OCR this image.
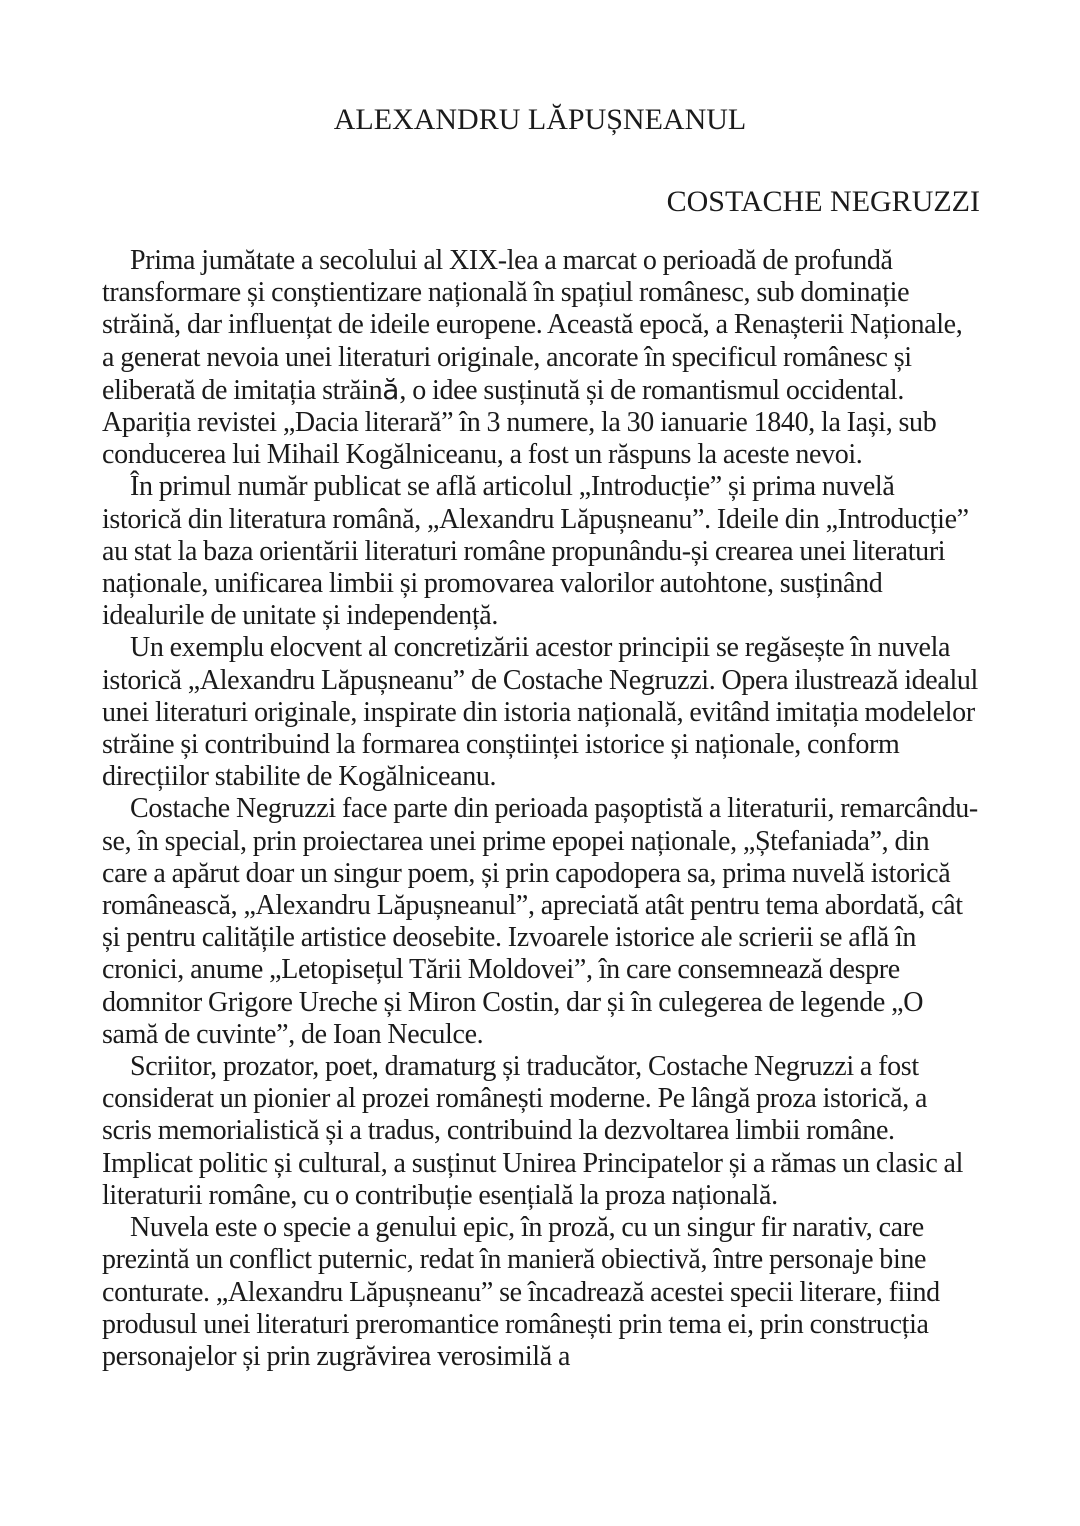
ALEXANDRU LĂPUȘNEANUL
COSTACHE NEGRUZZI

Prima jumătate a secolului al XIX-lea a marcat o perioadă de profundă transformare și conștientizare națională în spațiul românesc, sub dominație străină, dar influențat de ideile europene. Această epocă, a Renașterii Naționale, a generat nevoia unei literaturi originale, ancorate în specificul românesc și eliberată de imitația străină, o idee susținută și de romantismul occidental. Apariția revistei „Dacia literară” în 3 numere, la 30 ianuarie 1840, la Iași, sub conducerea lui Mihail Kogălniceanu, a fost un răspuns la aceste nevoi.

În primul număr publicat se află articolul „Introducție” și prima nuvelă istorică din literatura română, „Alexandru Lăpușneanu”. Ideile din „Introducție” au stat la baza orientării literaturi române propunându-și crearea unei literaturi naționale, unificarea limbii și promovarea valorilor autohtone, susținând idealurile de unitate și independență.

Un exemplu elocvent al concretizării acestor principii se regăsește în nuvela istorică „Alexandru Lăpușneanu” de Costache Negruzzi. Opera ilustrează idealul unei literaturi originale, inspirate din istoria națională, evitând imitația modelelor străine și contribuind la formarea conștiinței istorice și naționale, conform direcțiilor stabilite de Kogălniceanu.

Costache Negruzzi face parte din perioada pașoptistă a literaturii, remarcându-se, în special, prin proiectarea unei prime epopei naționale, „Ștefaniada”, din care a apărut doar un singur poem, și prin capodopera sa, prima nuvelă istorică românească, „Alexandru Lăpușneanul”, apreciată atât pentru tema abordată, cât și pentru calitățile artistice deosebite. Izvoarele istorice ale scrierii se află în cronici, anume „Letopisețul Tării Moldovei”, în care consemnează despre domnitor Grigore Ureche și Miron Costin, dar și în culegerea de legende „O samă de cuvinte”, de Ioan Neculce.

Scriitor, prozator, poet, dramaturg și traducător, Costache Negruzzi a fost considerat un pionier al prozei românești moderne. Pe lângă proza istorică, a scris memorialistică și a tradus, contribuind la dezvoltarea limbii române. Implicat politic și cultural, a susținut Unirea Principatelor și a rămas un clasic al literaturii române, cu o contribuție esențială la proza națională.

Nuvela este o specie a genului epic, în proză, cu un singur fir narativ, care prezintă un conflict puternic, redat în manieră obiectivă, între personaje bine conturate. „Alexandru Lăpușneanu” se încadrează acestei specii literare, fiind produsul unei literaturi preromantice românești prin tema ei, prin construcția personajelor și prin zugrăvirea verosimilă a
